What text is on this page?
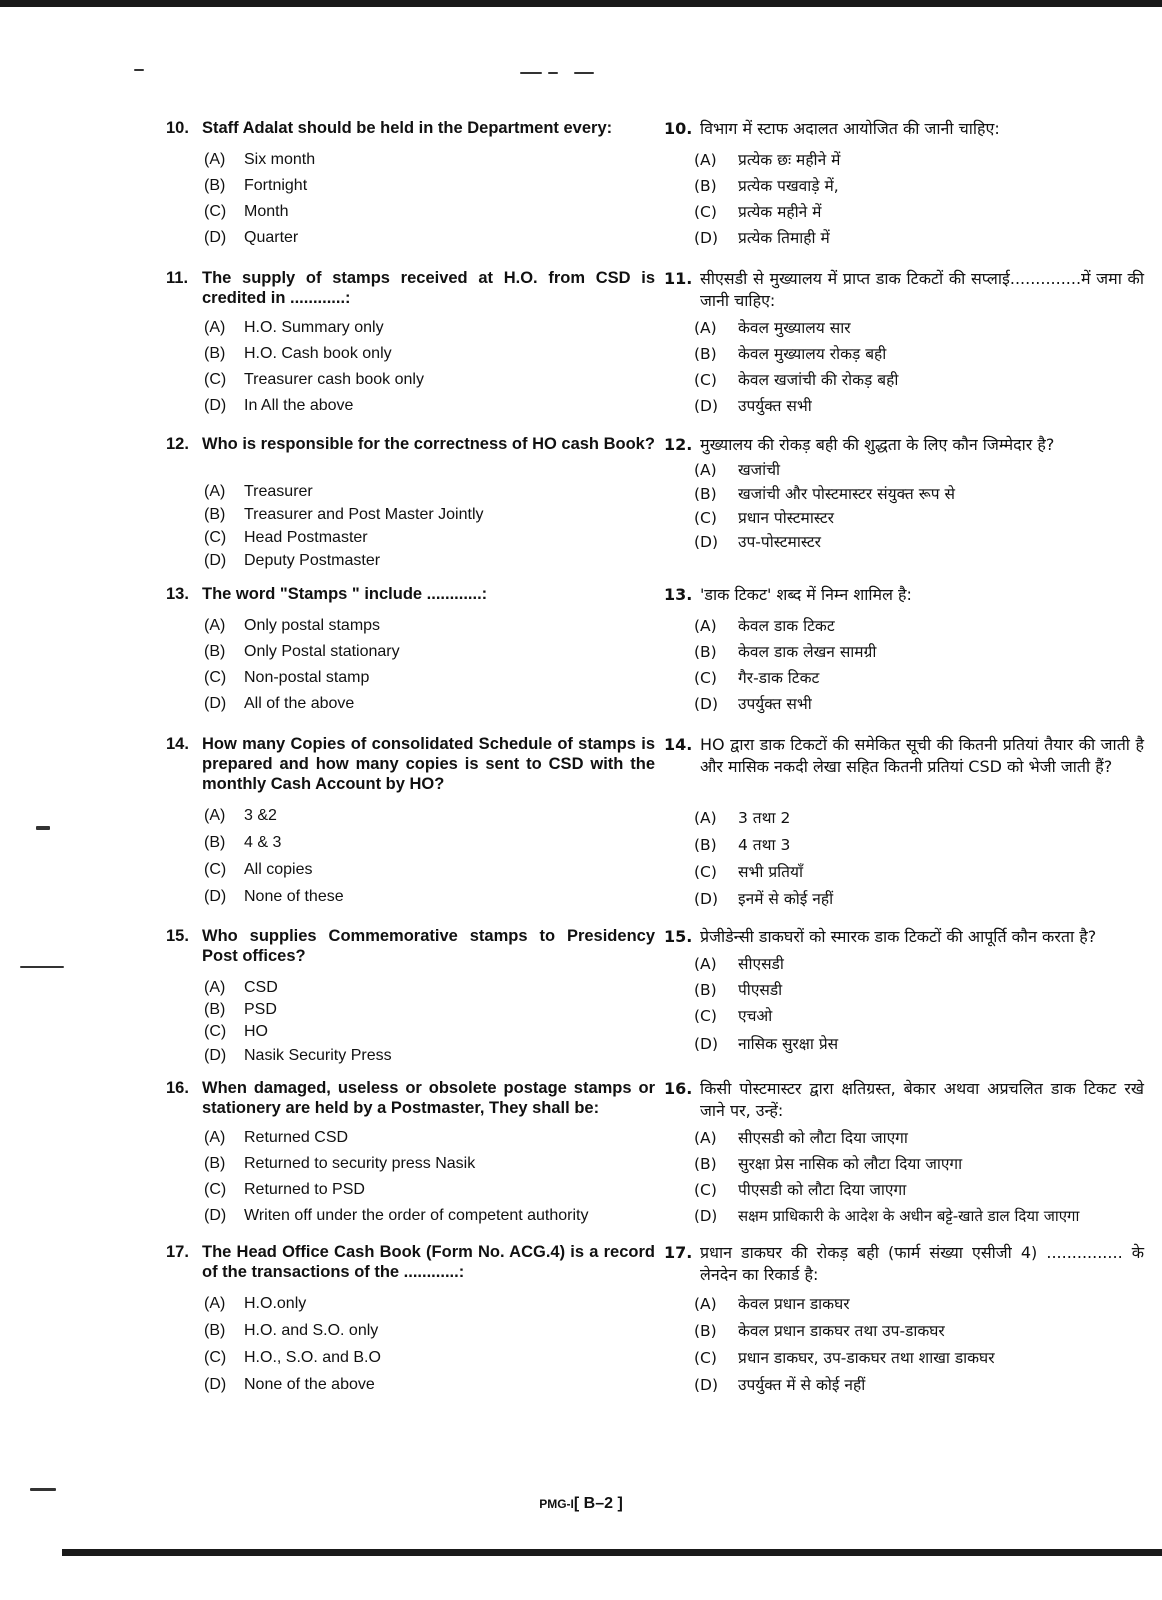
10. Staff Adalat should be held in the Department every:
(A) Six month
(B) Fortnight
(C) Month
(D) Quarter
11. The supply of stamps received at H.O. from CSD is credited in ............:
(A) H.O. Summary only
(B) H.O. Cash book only
(C) Treasurer cash book only
(D) In All the above
12. Who is responsible for the correctness of HO cash Book?
(A) Treasurer
(B) Treasurer and Post Master Jointly
(C) Head Postmaster
(D) Deputy Postmaster
13. The word "Stamps " include ............:
(A) Only postal stamps
(B) Only Postal stationary
(C) Non-postal stamp
(D) All of the above
14. How many Copies of consolidated Schedule of stamps is prepared and how many copies is sent to CSD with the monthly Cash Account by HO?
(A) 3 &2
(B) 4 & 3
(C) All copies
(D) None of these
15. Who supplies Commemorative stamps to Presidency Post offices?
(A) CSD
(B) PSD
(C) HO
(D) Nasik Security Press
16. When damaged, useless or obsolete postage stamps or stationery are held by a Postmaster, They shall be:
(A) Returned CSD
(B) Returned to security press Nasik
(C) Returned to PSD
(D) Writen off under the order of competent authority
17. The Head Office Cash Book (Form No. ACG.4) is a record of the transactions of the ............:
(A) H.O.only
(B) H.O. and S.O. only
(C) H.O., S.O. and B.O
(D) None of the above
10. विभाग में स्टाफ अदालत आयोजित की जानी चाहिए:
(A) प्रत्येक छः महीने में
(B) प्रत्येक पखवाड़े में,
(C) प्रत्येक महीने में
(D) प्रत्येक तिमाही में
11. सीएसडी से मुख्यालय में प्राप्त डाक टिकटों की सप्लाई..............में जमा की जानी चाहिए:
(A) केवल मुख्यालय सार
(B) केवल मुख्यालय रोकड़ बही
(C) केवल खजांची की रोकड़ बही
(D) उपर्युक्त सभी
12. मुख्यालय की रोकड़ बही की शुद्धता के लिए कौन जिम्मेदार है?
(A) खजांची
(B) खजांची और पोस्टमास्टर संयुक्त रूप से
(C) प्रधान पोस्टमास्टर
(D) उप-पोस्टमास्टर
13. 'डाक टिकट' शब्द में निम्न शामिल है:
(A) केवल डाक टिकट
(B) केवल डाक लेखन सामग्री
(C) गैर-डाक टिकट
(D) उपर्युक्त सभी
14. HO द्वारा डाक टिकटों की समेकित सूची की कितनी प्रतियां तैयार की जाती है और मासिक नकदी लेखा सहित कितनी प्रतियां CSD को भेजी जाती हैं?
(A) 3 तथा 2
(B) 4 तथा 3
(C) सभी प्रतियाँ
(D) इनमें से कोई नहीं
15. प्रेजीडेन्सी डाकघरों को स्मारक डाक टिकटों की आपूर्ति कौन करता है?
(A) सीएसडी
(B) पीएसडी
(C) एचओ
(D) नासिक सुरक्षा प्रेस
16. किसी पोस्टमास्टर द्वारा क्षतिग्रस्त, बेकार अथवा अप्रचलित डाक टिकट रखे जाने पर, उन्हें:
(A) सीएसडी को लौटा दिया जाएगा
(B) सुरक्षा प्रेस नासिक को लौटा दिया जाएगा
(C) पीएसडी को लौटा दिया जाएगा
(D) सक्षम प्राधिकारी के आदेश के अधीन बट्टे-खाते डाल दिया जाएगा
17. प्रधान डाकघर की रोकड़ बही (फार्म संख्या एसीजी 4) ............... के लेनदेन का रिकार्ड है:
(A) केवल प्रधान डाकघर
(B) केवल प्रधान डाकघर तथा उप-डाकघर
(C) प्रधान डाकघर, उप-डाकघर तथा शाखा डाकघर
(D) उपर्युक्त में से कोई नहीं
PMG-I[ B–2 ]
